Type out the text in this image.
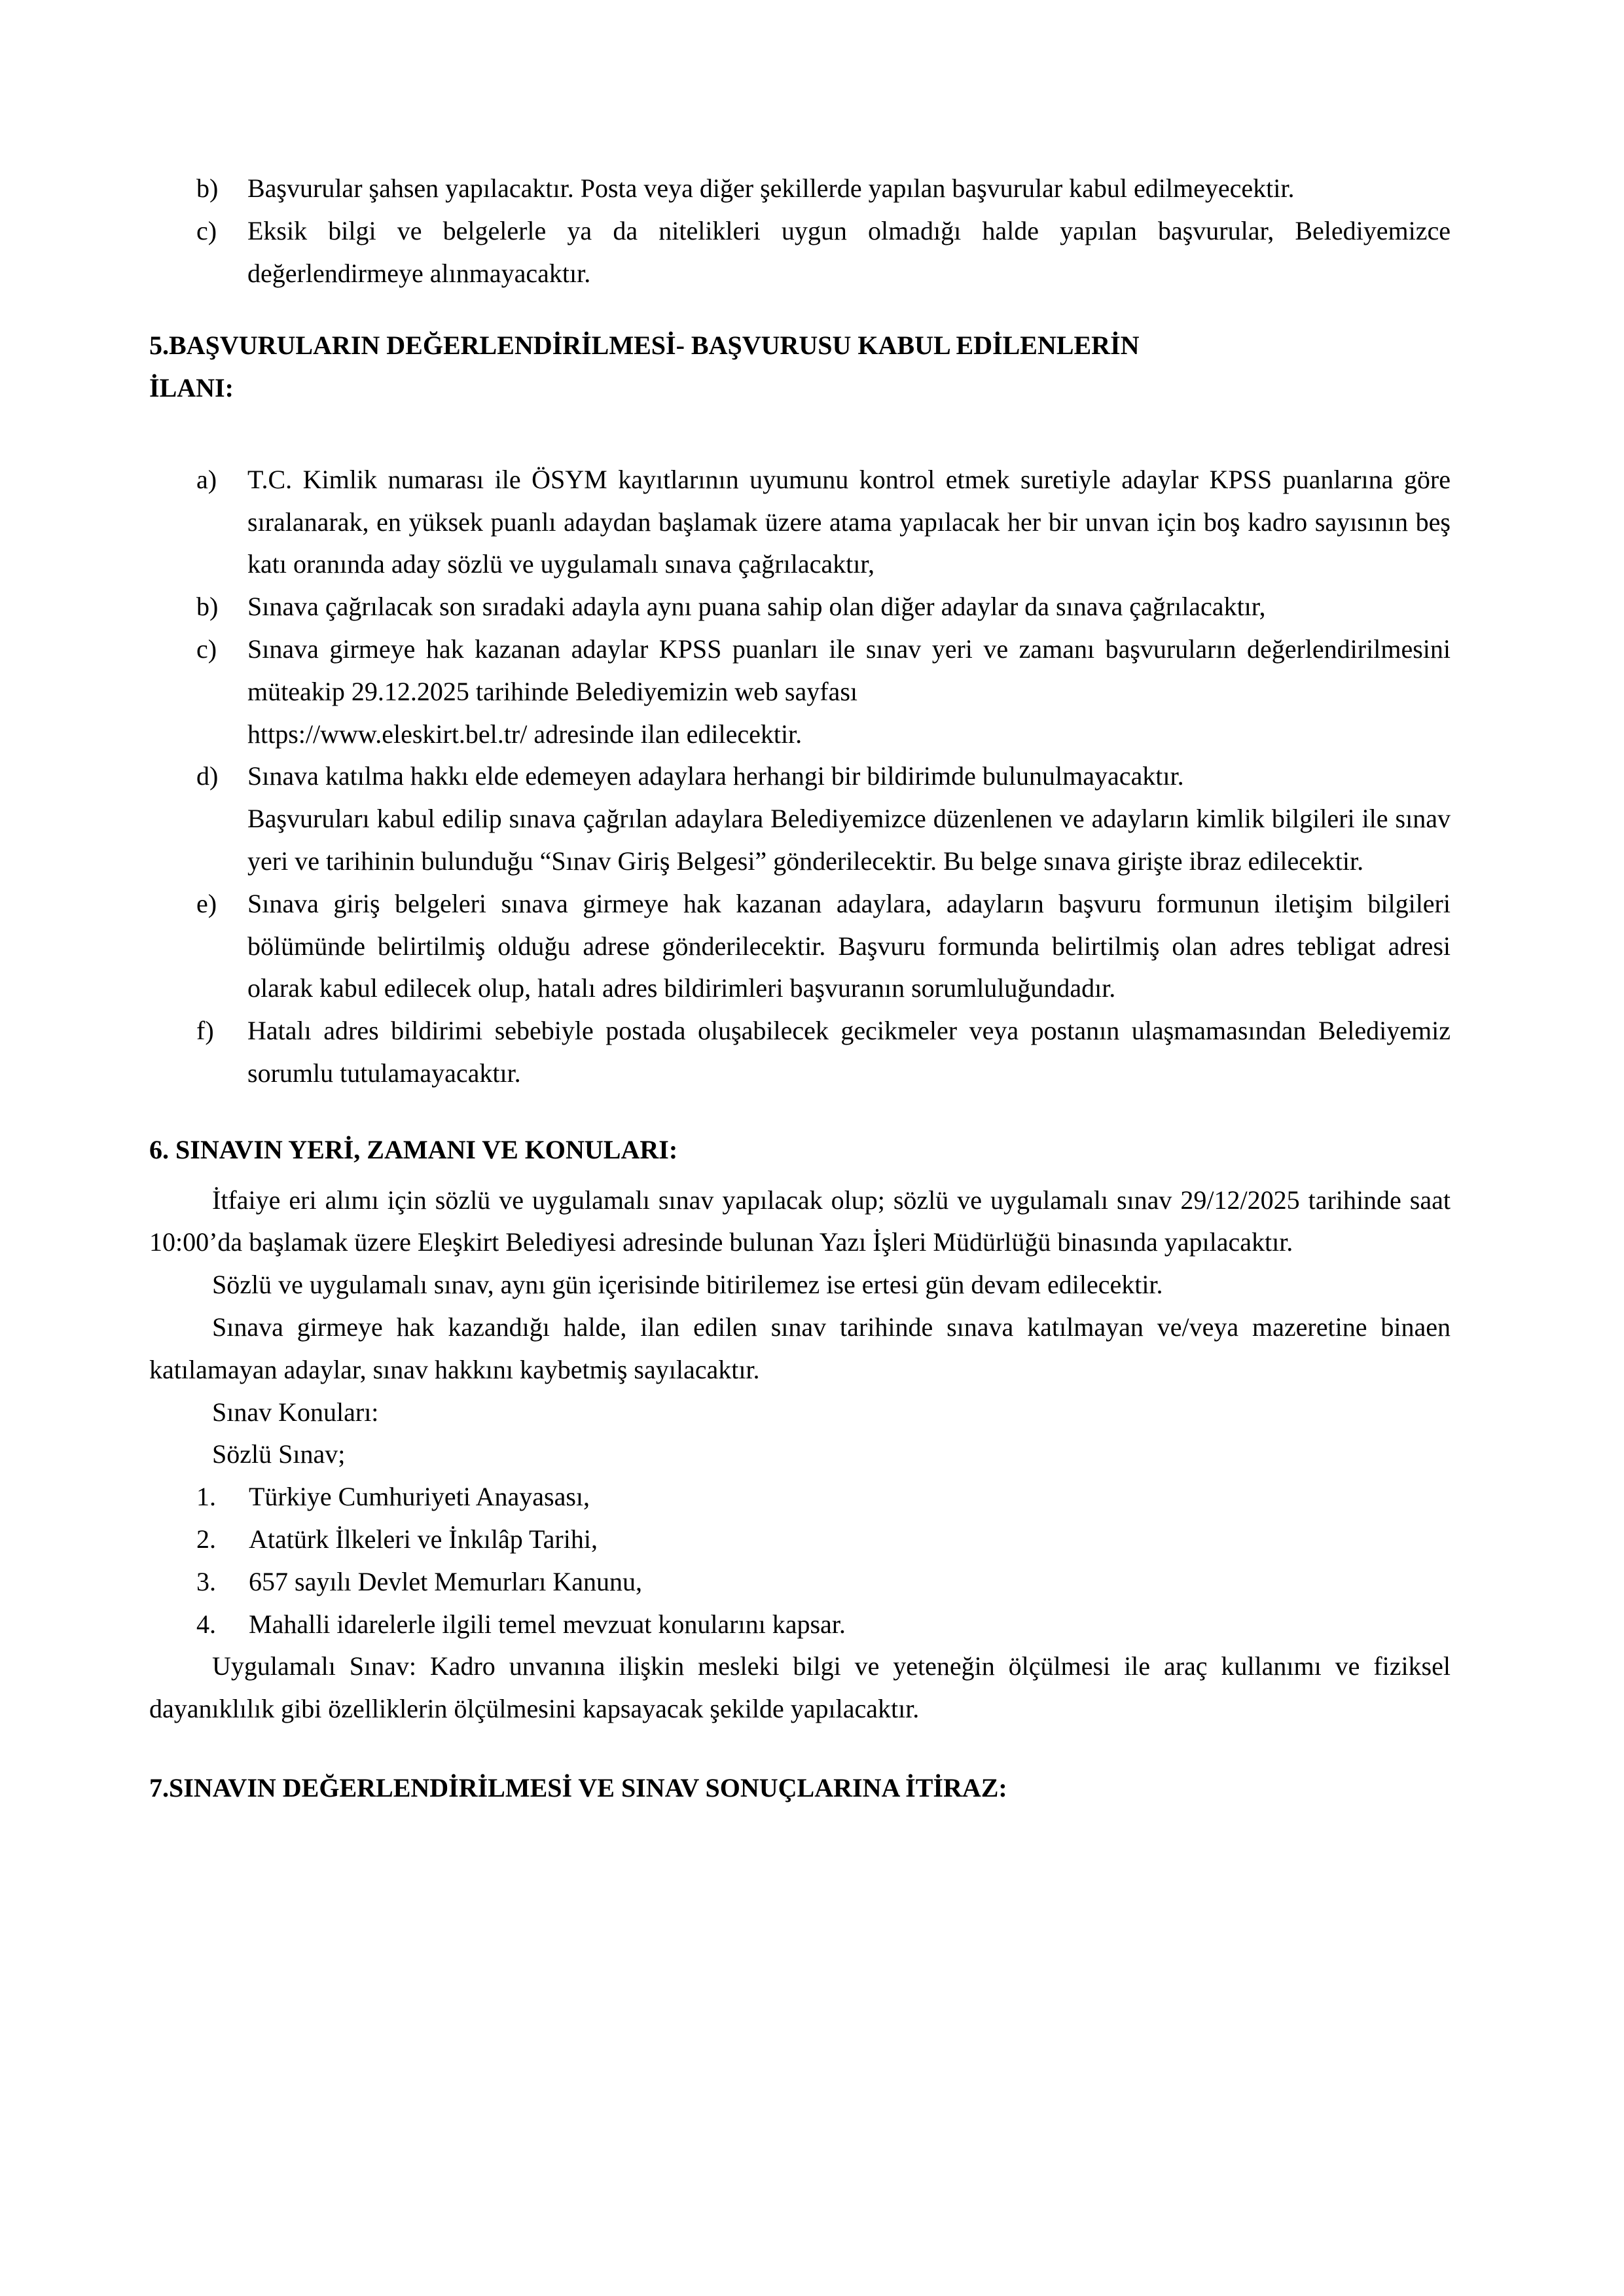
b)	Başvurular şahsen yapılacaktır. Posta veya diğer şekillerde yapılan başvurular kabul edilmeyecektir.
c)	Eksik bilgi ve belgelerle ya da nitelikleri uygun olmadığı halde yapılan başvurular, Belediyemizce değerlendirmeye alınmayacaktır.

5.BAŞVURULARIN DEĞERLENDİRİLMESİ- BAŞVURUSU KABUL EDİLENLERİN
İLANI:

a)	T.C. Kimlik numarası ile ÖSYM kayıtlarının uyumunu kontrol etmek suretiyle adaylar KPSS puanlarına göre sıralanarak, en yüksek puanlı adaydan başlamak üzere atama yapılacak her bir unvan için boş kadro sayısının beş katı oranında aday sözlü ve uygulamalı sınava çağrılacaktır,
b)	Sınava çağrılacak son sıradaki adayla aynı puana sahip olan diğer adaylar da sınava çağrılacaktır,
c)	Sınava girmeye hak kazanan adaylar KPSS puanları ile sınav yeri ve zamanı başvuruların değerlendirilmesini müteakip 29.12.2025 tarihinde Belediyemizin web sayfası
https://www.eleskirt.bel.tr/ adresinde ilan edilecektir.
d)	Sınava katılma hakkı elde edemeyen adaylara herhangi bir bildirimde bulunulmayacaktır.
Başvuruları kabul edilip sınava çağrılan adaylara Belediyemizce düzenlenen ve adayların kimlik bilgileri ile sınav yeri ve tarihinin bulunduğu “Sınav Giriş Belgesi” gönderilecektir. Bu belge sınava girişte ibraz edilecektir.
e)	Sınava giriş belgeleri sınava girmeye hak kazanan adaylara, adayların başvuru formunun iletişim bilgileri bölümünde belirtilmiş olduğu adrese gönderilecektir. Başvuru formunda belirtilmiş olan adres tebligat adresi olarak kabul edilecek olup, hatalı adres bildirimleri başvuranın sorumluluğundadır.
f)	Hatalı adres bildirimi sebebiyle postada oluşabilecek gecikmeler veya postanın ulaşmamasından Belediyemiz sorumlu tutulamayacaktır.

6. SINAVIN YERİ, ZAMANI VE KONULARI:

İtfaiye eri alımı için sözlü ve uygulamalı sınav yapılacak olup; sözlü ve uygulamalı sınav 29/12/2025 tarihinde saat 10:00’da başlamak üzere Eleşkirt Belediyesi adresinde bulunan Yazı İşleri Müdürlüğü binasında yapılacaktır.

Sözlü ve uygulamalı sınav, aynı gün içerisinde bitirilemez ise ertesi gün devam edilecektir.

Sınava girmeye hak kazandığı halde, ilan edilen sınav tarihinde sınava katılmayan ve/veya mazeretine binaen katılamayan adaylar, sınav hakkını kaybetmiş sayılacaktır.

Sınav Konuları:

Sözlü Sınav;

1.	Türkiye Cumhuriyeti Anayasası,
2.	Atatürk İlkeleri ve İnkılâp Tarihi,
3.	657 sayılı Devlet Memurları Kanunu,
4.	Mahalli idarelerle ilgili temel mevzuat konularını kapsar.

Uygulamalı Sınav: Kadro unvanına ilişkin mesleki bilgi ve yeteneğin ölçülmesi ile araç kullanımı ve fiziksel dayanıklılık gibi özelliklerin ölçülmesini kapsayacak şekilde yapılacaktır.

7.SINAVIN DEĞERLENDİRİLMESİ VE SINAV SONUÇLARINA İTİRAZ:
